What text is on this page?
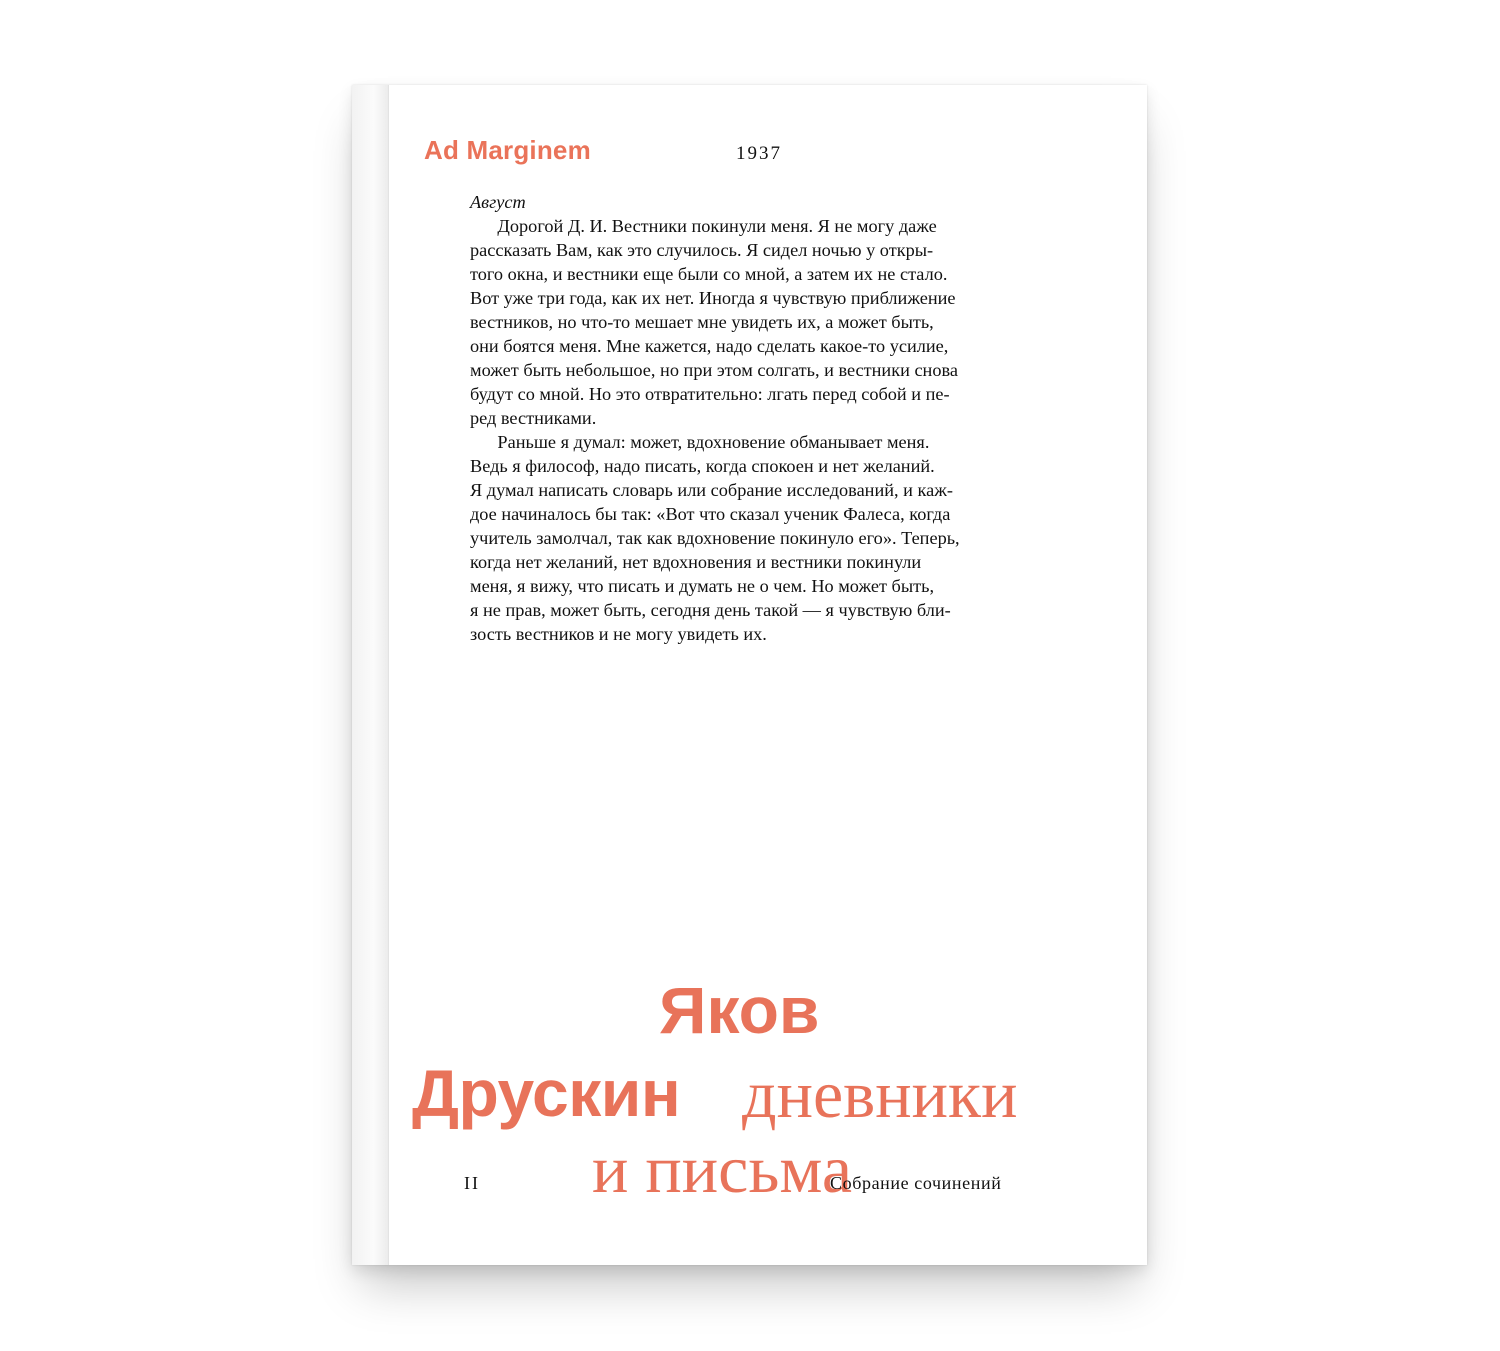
Ad Marginem	1937
Август
Дорогой Д. И. Вестники покинули меня. Я не могу даже
рассказать Вам, как это случилось. Я сидел ночью у откры-
того окна, и вестники еще были со мной, а затем их не стало.
Вот уже три года, как их нет. Иногда я чувствую приближение
вестников, но что-то мешает мне увидеть их, а может быть,
они боятся меня. Мне кажется, надо сделать какое-то усилие,
может быть небольшое, но при этом солгать, и вестники снова
будут со мной. Но это отвратительно: лгать перед собой и пе-
ред вестниками.
Раньше я думал: может, вдохновение обманывает меня.
Ведь я философ, надо писать, когда спокоен и нет желаний.
Я думал написать словарь или собрание исследований, и каж-
дое начиналось бы так: «Вот что сказал ученик Фалеса, когда
учитель замолчал, так как вдохновение покинуло его». Теперь,
когда нет желаний, нет вдохновения и вестники покинули
меня, я вижу, что писать и думать не о чем. Но может быть,
я не прав, может быть, сегодня день такой — я чувствую бли-
зость вестников и не могу увидеть их.
Яков
Друскин дневники
и письма
II	Собрание сочинений
